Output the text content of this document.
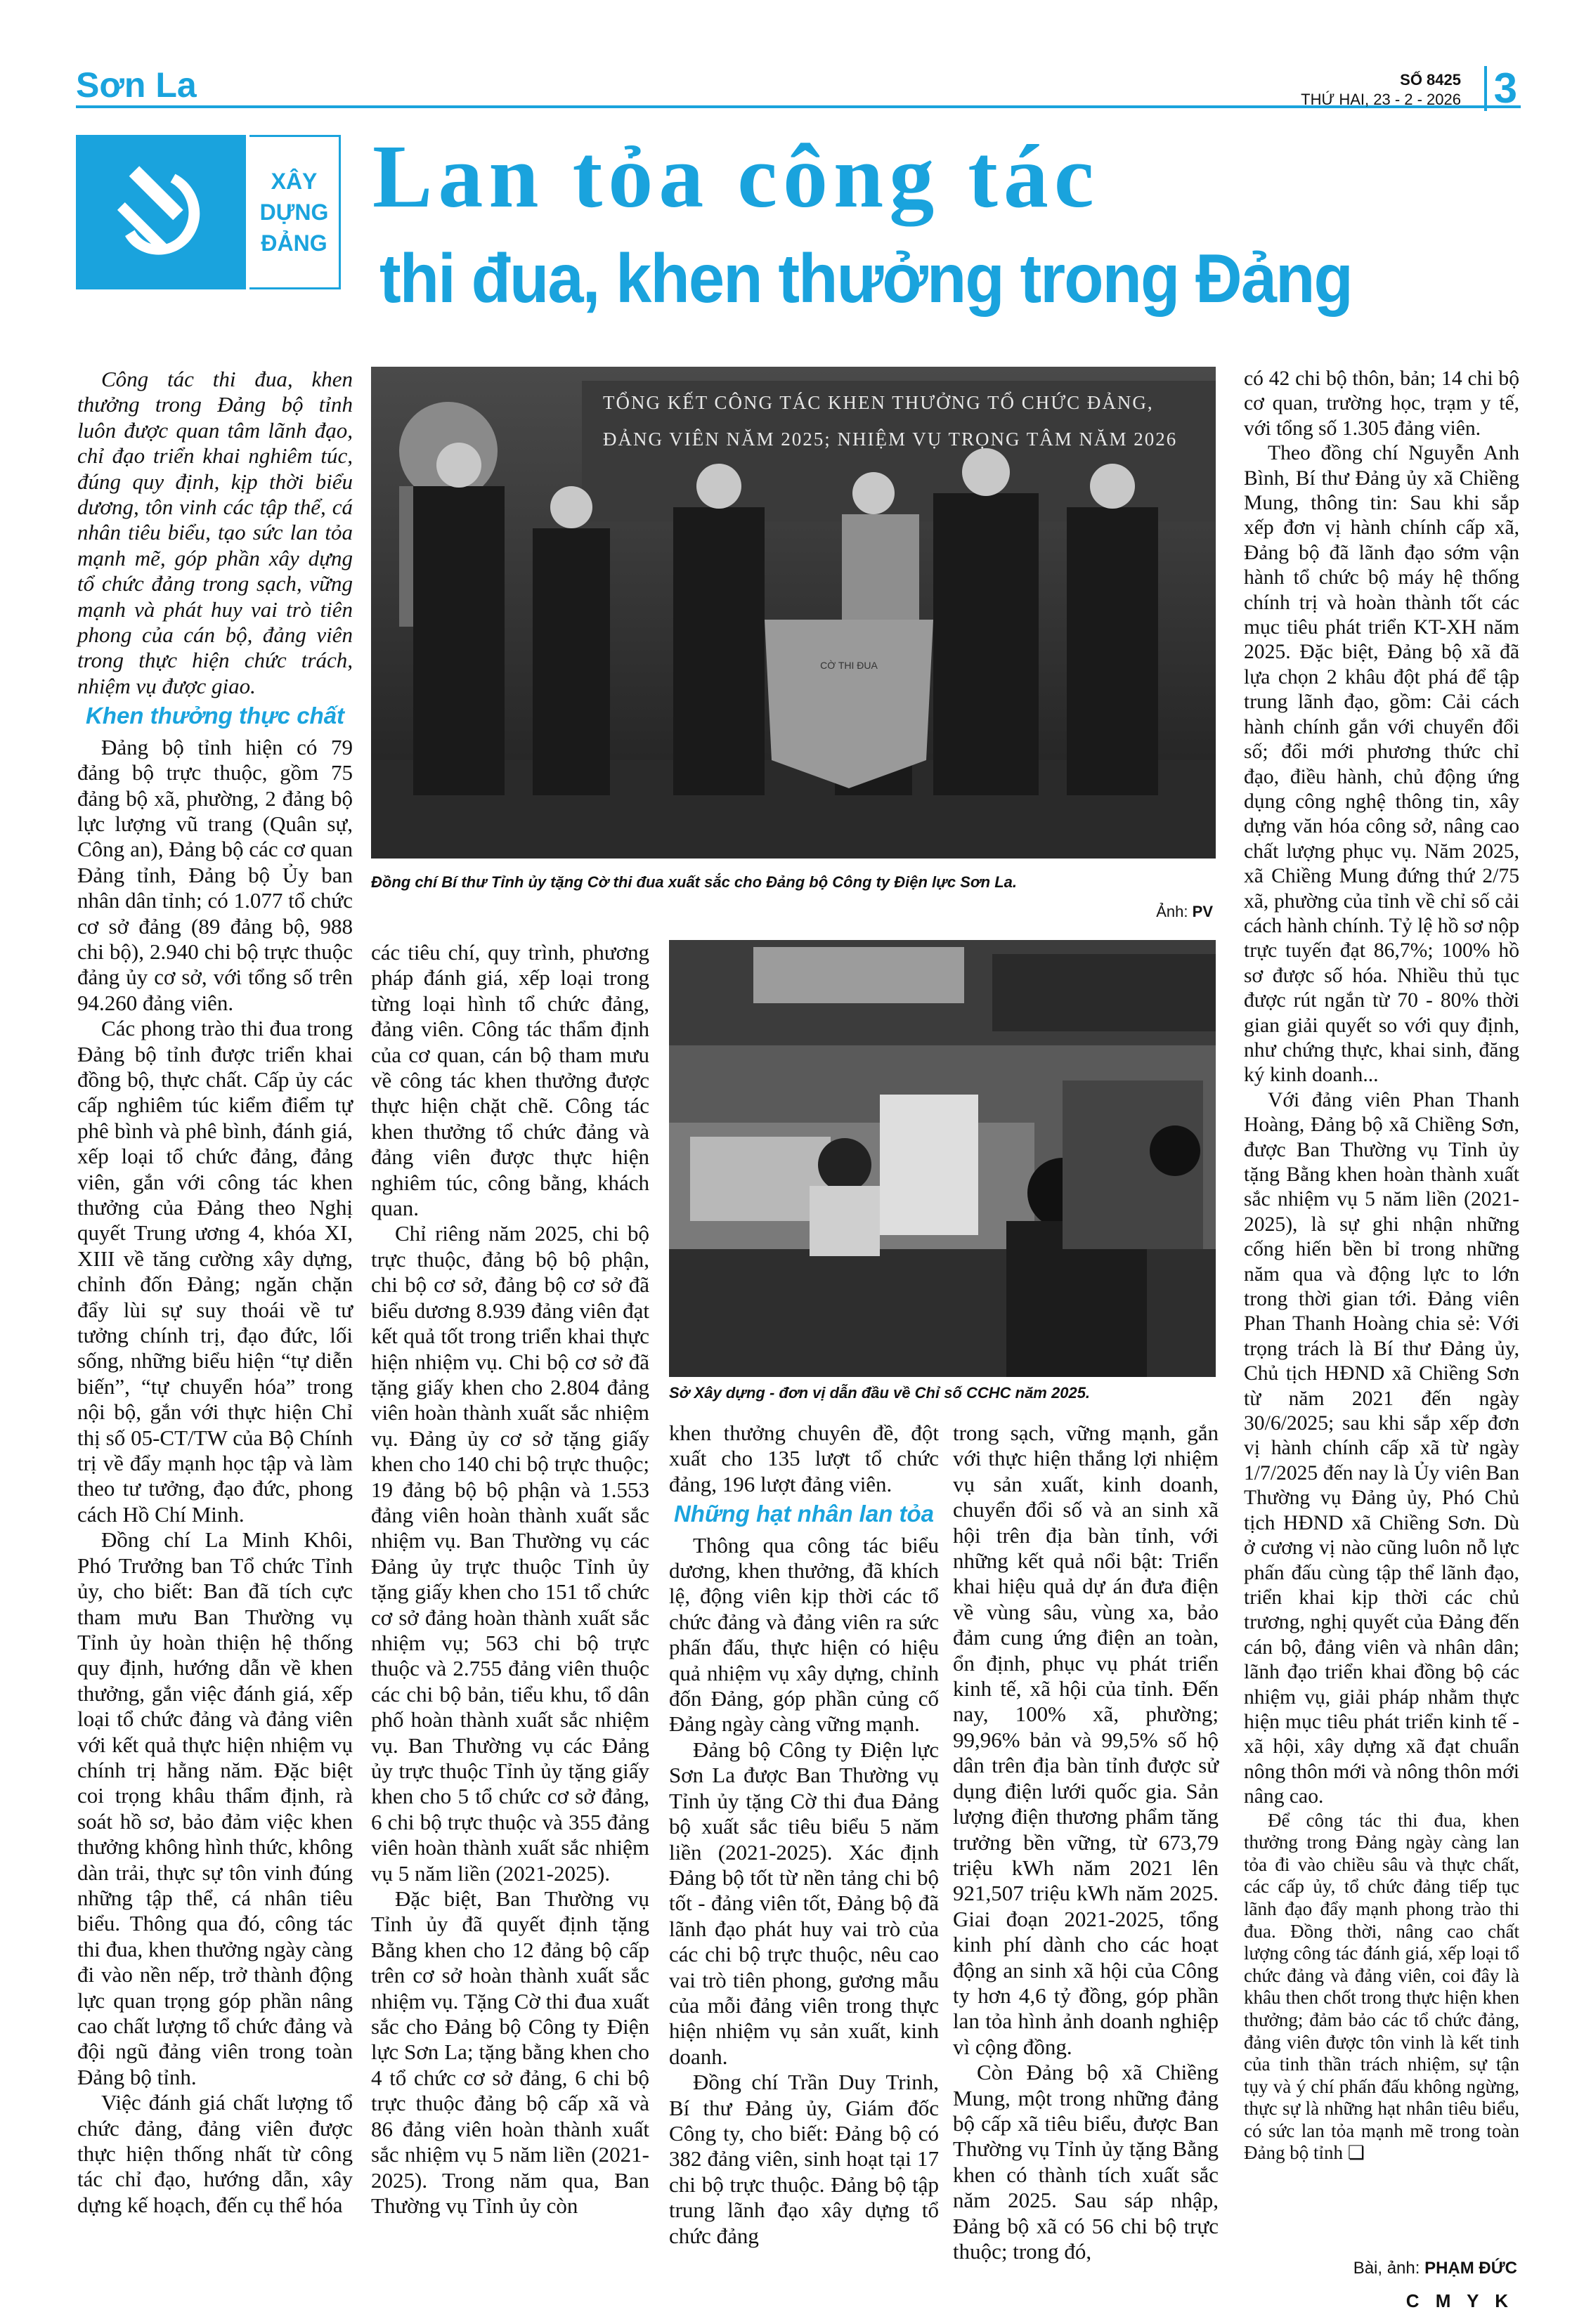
Sơn La	SỐ 8425
THỨ HAI, 23 - 2 - 2026 3
XÂY
DỰNG
ĐẢNG
Lan tỏa công tác
thi đua, khen thưởng trong Đảng
CỜ THI ĐUA
TỔNG KẾT CÔNG TÁC KHEN THƯỞNG TỔ CHỨC ĐẢNG,
ĐẢNG VIÊN NĂM 2025; NHIỆM VỤ TRỌNG TÂM NĂM 2026
Đồng chí Bí thư Tỉnh ủy tặng Cờ thi đua xuất sắc cho Đảng bộ Công ty Điện lực Sơn La.
Ảnh: PV
Sở Xây dựng - đơn vị dẫn đầu về Chỉ số CCHC năm 2025.

Công tác thi đua, khen thưởng trong Đảng bộ tỉnh luôn được quan tâm lãnh đạo, chỉ đạo triển khai nghiêm túc, đúng quy định, kịp thời biểu dương, tôn vinh các tập thể, cá nhân tiêu biểu, tạo sức lan tỏa mạnh mẽ, góp phần xây dựng tổ chức đảng trong sạch, vững mạnh và phát huy vai trò tiên phong của cán bộ, đảng viên trong thực hiện chức trách, nhiệm vụ được giao.

Khen thưởng thực chất

Đảng bộ tỉnh hiện có 79 đảng bộ trực thuộc, gồm 75 đảng bộ xã, phường, 2 đảng bộ lực lượng vũ trang (Quân sự, Công an), Đảng bộ các cơ quan Đảng tỉnh, Đảng bộ Ủy ban nhân dân tỉnh; có 1.077 tổ chức cơ sở đảng (89 đảng bộ, 988 chi bộ), 2.940 chi bộ trực thuộc đảng ủy cơ sở, với tổng số trên 94.260 đảng viên.

Các phong trào thi đua trong Đảng bộ tỉnh được triển khai đồng bộ, thực chất. Cấp ủy các cấp nghiêm túc kiểm điểm tự phê bình và phê bình, đánh giá, xếp loại tổ chức đảng, đảng viên, gắn với công tác khen thưởng của Đảng theo Nghị quyết Trung ương 4, khóa XI, XIII về tăng cường xây dựng, chỉnh đốn Đảng; ngăn chặn đẩy lùi sự suy thoái về tư tưởng chính trị, đạo đức, lối sống, những biểu hiện “tự diễn biến”, “tự chuyển hóa” trong nội bộ, gắn với thực hiện Chỉ thị số 05-CT/TW của Bộ Chính trị về đẩy mạnh học tập và làm theo tư tưởng, đạo đức, phong cách Hồ Chí Minh.

Đồng chí La Minh Khôi, Phó Trưởng ban Tổ chức Tỉnh ủy, cho biết: Ban đã tích cực tham mưu Ban Thường vụ Tỉnh ủy hoàn thiện hệ thống quy định, hướng dẫn về khen thưởng, gắn việc đánh giá, xếp loại tổ chức đảng và đảng viên với kết quả thực hiện nhiệm vụ chính trị hằng năm. Đặc biệt coi trọng khâu thẩm định, rà soát hồ sơ, bảo đảm việc khen thưởng không hình thức, không dàn trải, thực sự tôn vinh đúng những tập thể, cá nhân tiêu biểu. Thông qua đó, công tác thi đua, khen thưởng ngày càng đi vào nền nếp, trở thành động lực quan trọng góp phần nâng cao chất lượng tổ chức đảng và đội ngũ đảng viên trong toàn Đảng bộ tỉnh.

Việc đánh giá chất lượng tổ chức đảng, đảng viên được thực hiện thống nhất từ công tác chỉ đạo, hướng dẫn, xây dựng kế hoạch, đến cụ thể hóa

các tiêu chí, quy trình, phương pháp đánh giá, xếp loại trong từng loại hình tổ chức đảng, đảng viên. Công tác thẩm định của cơ quan, cán bộ tham mưu về công tác khen thưởng được thực hiện chặt chẽ. Công tác khen thưởng tổ chức đảng và đảng viên được thực hiện nghiêm túc, công bằng, khách quan.

Chỉ riêng năm 2025, chi bộ trực thuộc, đảng bộ bộ phận, chi bộ cơ sở, đảng bộ cơ sở đã biểu dương 8.939 đảng viên đạt kết quả tốt trong triển khai thực hiện nhiệm vụ. Chi bộ cơ sở đã tặng giấy khen cho 2.804 đảng viên hoàn thành xuất sắc nhiệm vụ. Đảng ủy cơ sở tặng giấy khen cho 140 chi bộ trực thuộc; 19 đảng bộ bộ phận và 1.553 đảng viên hoàn thành xuất sắc nhiệm vụ. Ban Thường vụ các Đảng ủy trực thuộc Tỉnh ủy tặng giấy khen cho 151 tổ chức cơ sở đảng hoàn thành xuất sắc nhiệm vụ; 563 chi bộ trực thuộc và 2.755 đảng viên thuộc các chi bộ bản, tiểu khu, tổ dân phố hoàn thành xuất sắc nhiệm vụ. Ban Thường vụ các Đảng ủy trực thuộc Tỉnh ủy tặng giấy khen cho 5 tổ chức cơ sở đảng, 6 chi bộ trực thuộc và 355 đảng viên hoàn thành xuất sắc nhiệm vụ 5 năm liền (2021-2025).

Đặc biệt, Ban Thường vụ Tỉnh ủy đã quyết định tặng Bằng khen cho 12 đảng bộ cấp trên cơ sở hoàn thành xuất sắc nhiệm vụ. Tặng Cờ thi đua xuất sắc cho Đảng bộ Công ty Điện lực Sơn La; tặng bằng khen cho 4 tổ chức cơ sở đảng, 6 chi bộ trực thuộc đảng bộ cấp xã và 86 đảng viên hoàn thành xuất sắc nhiệm vụ 5 năm liền (2021-2025). Trong năm qua, Ban Thường vụ Tỉnh ủy còn

khen thưởng chuyên đề, đột xuất cho 135 lượt tổ chức đảng, 196 lượt đảng viên.

Những hạt nhân lan tỏa

Thông qua công tác biểu dương, khen thưởng, đã khích lệ, động viên kịp thời các tổ chức đảng và đảng viên ra sức phấn đấu, thực hiện có hiệu quả nhiệm vụ xây dựng, chỉnh đốn Đảng, góp phần củng cố Đảng ngày càng vững mạnh.

Đảng bộ Công ty Điện lực Sơn La được Ban Thường vụ Tỉnh ủy tặng Cờ thi đua Đảng bộ xuất sắc tiêu biểu 5 năm liền (2021-2025). Xác định Đảng bộ tốt từ nền tảng chi bộ tốt - đảng viên tốt, Đảng bộ đã lãnh đạo phát huy vai trò của các chi bộ trực thuộc, nêu cao vai trò tiên phong, gương mẫu của mỗi đảng viên trong thực hiện nhiệm vụ sản xuất, kinh doanh.

Đồng chí Trần Duy Trinh, Bí thư Đảng ủy, Giám đốc Công ty, cho biết: Đảng bộ có 382 đảng viên, sinh hoạt tại 17 chi bộ trực thuộc. Đảng bộ tập trung lãnh đạo xây dựng tổ chức đảng

trong sạch, vững mạnh, gắn với thực hiện thắng lợi nhiệm vụ sản xuất, kinh doanh, chuyển đổi số và an sinh xã hội trên địa bàn tỉnh, với những kết quả nổi bật: Triển khai hiệu quả dự án đưa điện về vùng sâu, vùng xa, bảo đảm cung ứng điện an toàn, ổn định, phục vụ phát triển kinh tế, xã hội của tỉnh. Đến nay, 100% xã, phường; 99,96% bản và 99,5% số hộ dân trên địa bàn tỉnh được sử dụng điện lưới quốc gia. Sản lượng điện thương phẩm tăng trưởng bền vững, từ 673,79 triệu kWh năm 2021 lên 921,507 triệu kWh năm 2025. Giai đoạn 2021-2025, tổng kinh phí dành cho các hoạt động an sinh xã hội của Công ty hơn 4,6 tỷ đồng, góp phần lan tỏa hình ảnh doanh nghiệp vì cộng đồng.

Còn Đảng bộ xã Chiềng Mung, một trong những đảng bộ cấp xã tiêu biểu, được Ban Thường vụ Tỉnh ủy tặng Bằng khen có thành tích xuất sắc năm 2025. Sau sáp nhập, Đảng bộ xã có 56 chi bộ trực thuộc; trong đó,

có 42 chi bộ thôn, bản; 14 chi bộ cơ quan, trường học, trạm y tế, với tổng số 1.305 đảng viên.

Theo đồng chí Nguyễn Anh Bình, Bí thư Đảng ủy xã Chiềng Mung, thông tin: Sau khi sắp xếp đơn vị hành chính cấp xã, Đảng bộ đã lãnh đạo sớm vận hành tổ chức bộ máy hệ thống chính trị và hoàn thành tốt các mục tiêu phát triển KT-XH năm 2025. Đặc biệt, Đảng bộ xã đã lựa chọn 2 khâu đột phá để tập trung lãnh đạo, gồm: Cải cách hành chính gắn với chuyển đổi số; đổi mới phương thức chỉ đạo, điều hành, chủ động ứng dụng công nghệ thông tin, xây dựng văn hóa công sở, nâng cao chất lượng phục vụ. Năm 2025, xã Chiềng Mung đứng thứ 2/75 xã, phường của tỉnh về chỉ số cải cách hành chính. Tỷ lệ hồ sơ nộp trực tuyến đạt 86,7%; 100% hồ sơ được số hóa. Nhiều thủ tục được rút ngắn từ 70 - 80% thời gian giải quyết so với quy định, như chứng thực, khai sinh, đăng ký kinh doanh...

Với đảng viên Phan Thanh Hoàng, Đảng bộ xã Chiềng Sơn, được Ban Thường vụ Tỉnh ủy tặng Bằng khen hoàn thành xuất sắc nhiệm vụ 5 năm liền (2021-2025), là sự ghi nhận những cống hiến bền bỉ trong những năm qua và động lực to lớn trong thời gian tới. Đảng viên Phan Thanh Hoàng chia sẻ: Với trọng trách là Bí thư Đảng ủy, Chủ tịch HĐND xã Chiềng Sơn từ năm 2021 đến ngày 30/6/2025; sau khi sắp xếp đơn vị hành chính cấp xã từ ngày 1/7/2025 đến nay là Ủy viên Ban Thường vụ Đảng ủy, Phó Chủ tịch HĐND xã Chiềng Sơn. Dù ở cương vị nào cũng luôn nỗ lực phấn đấu cùng tập thể lãnh đạo, triển khai kịp thời các chủ trương, nghị quyết của Đảng đến cán bộ, đảng viên và nhân dân; lãnh đạo triển khai đồng bộ các nhiệm vụ, giải pháp nhằm thực hiện mục tiêu phát triển kinh tế - xã hội, xây dựng xã đạt chuẩn nông thôn mới và nông thôn mới nâng cao.

Để công tác thi đua, khen thưởng trong Đảng ngày càng lan tỏa đi vào chiều sâu và thực chất, các cấp ủy, tổ chức đảng tiếp tục lãnh đạo đẩy mạnh phong trào thi đua. Đồng thời, nâng cao chất lượng công tác đánh giá, xếp loại tổ chức đảng và đảng viên, coi đây là khâu then chốt trong thực hiện khen thưởng; đảm bảo các tổ chức đảng, đảng viên được tôn vinh là kết tinh của tinh thần trách nhiệm, sự tận tụy và ý chí phấn đấu không ngừng, thực sự là những hạt nhân tiêu biểu, có sức lan tỏa mạnh mẽ trong toàn Đảng bộ tỉnh ❏

Bài, ảnh: PHẠM ĐỨC
C M Y K
